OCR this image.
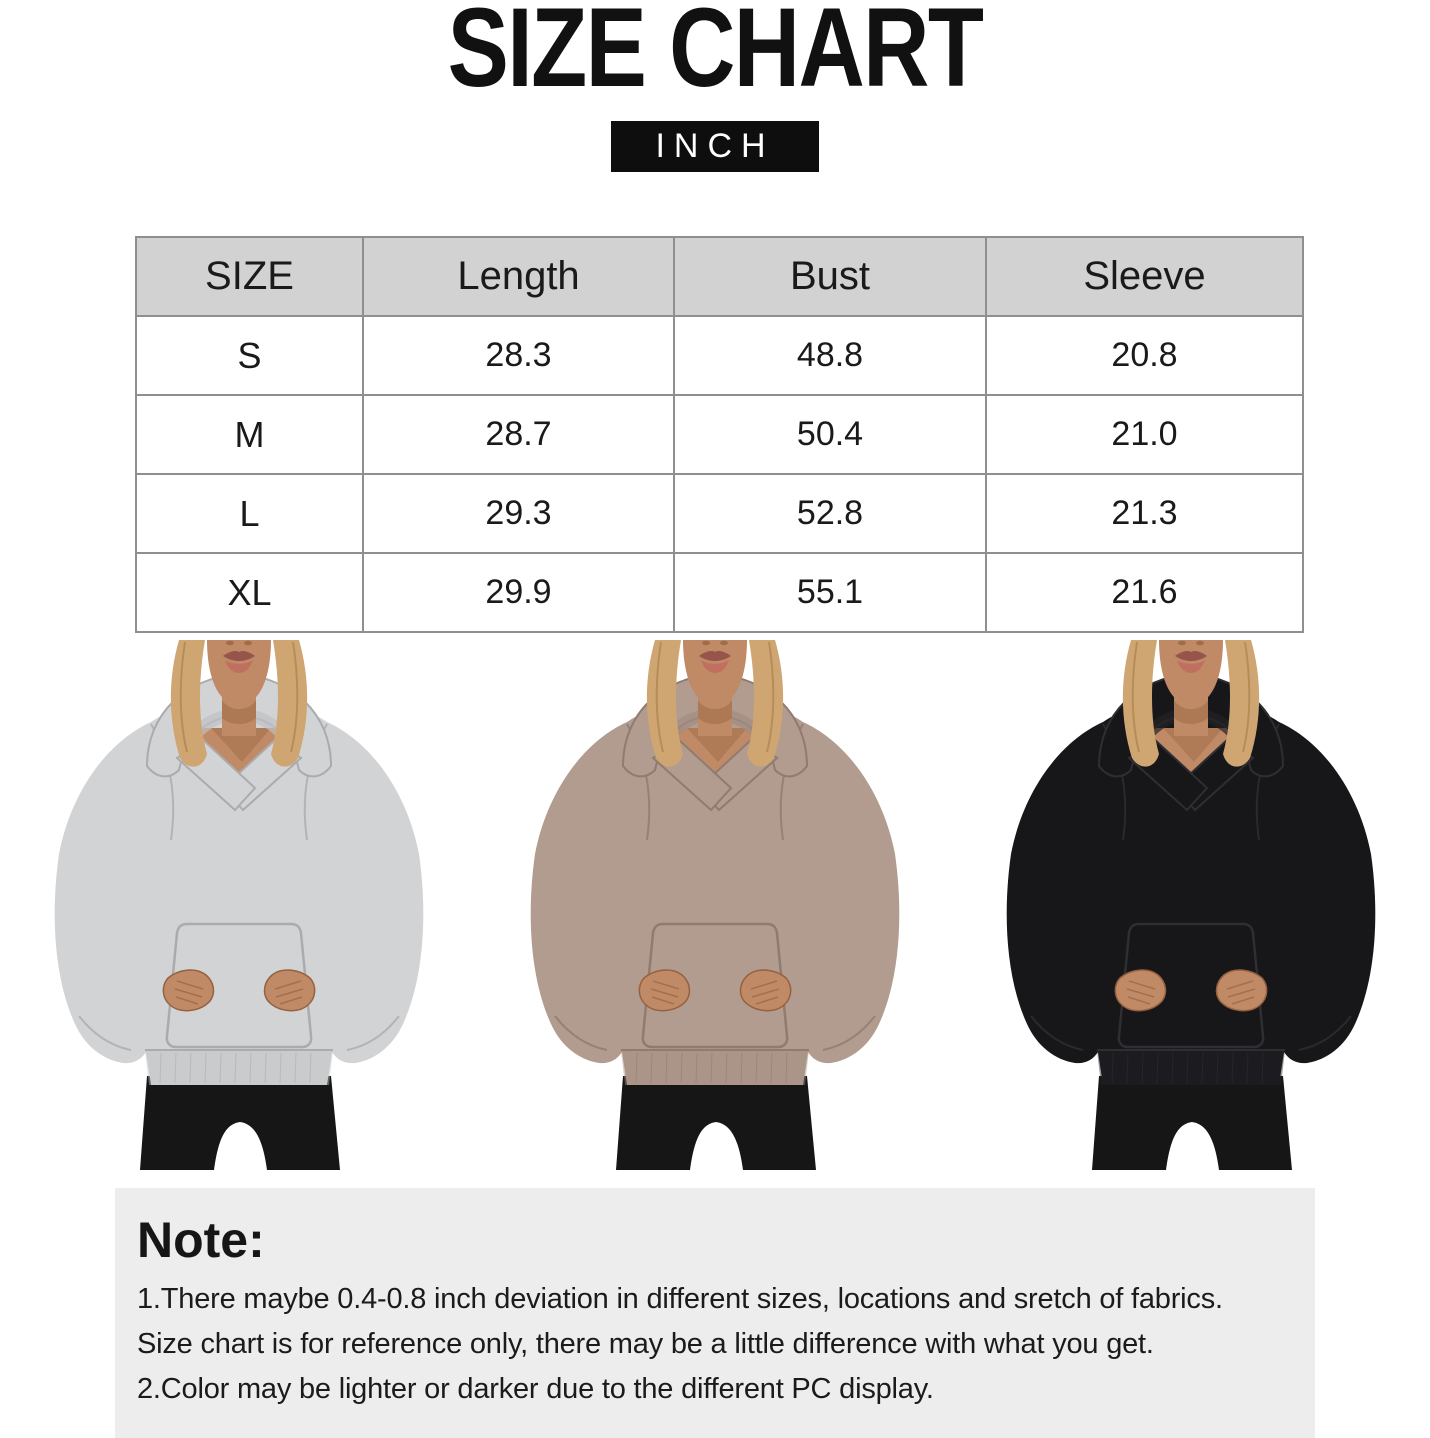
SIZE CHART
INCH
SIZE	Length	Bust	Sleeve
S	28.3	48.8	20.8
M	28.7	50.4	21.0
L	29.3	52.8	21.3
XL	29.9	55.1	21.6
Note:

1.There maybe 0.4-0.8 inch deviation in different sizes, locations and sretch of fabrics.

Size chart is for reference only, there may be a little difference with what you get.

2.Color may be lighter or darker due to the different PC display.
